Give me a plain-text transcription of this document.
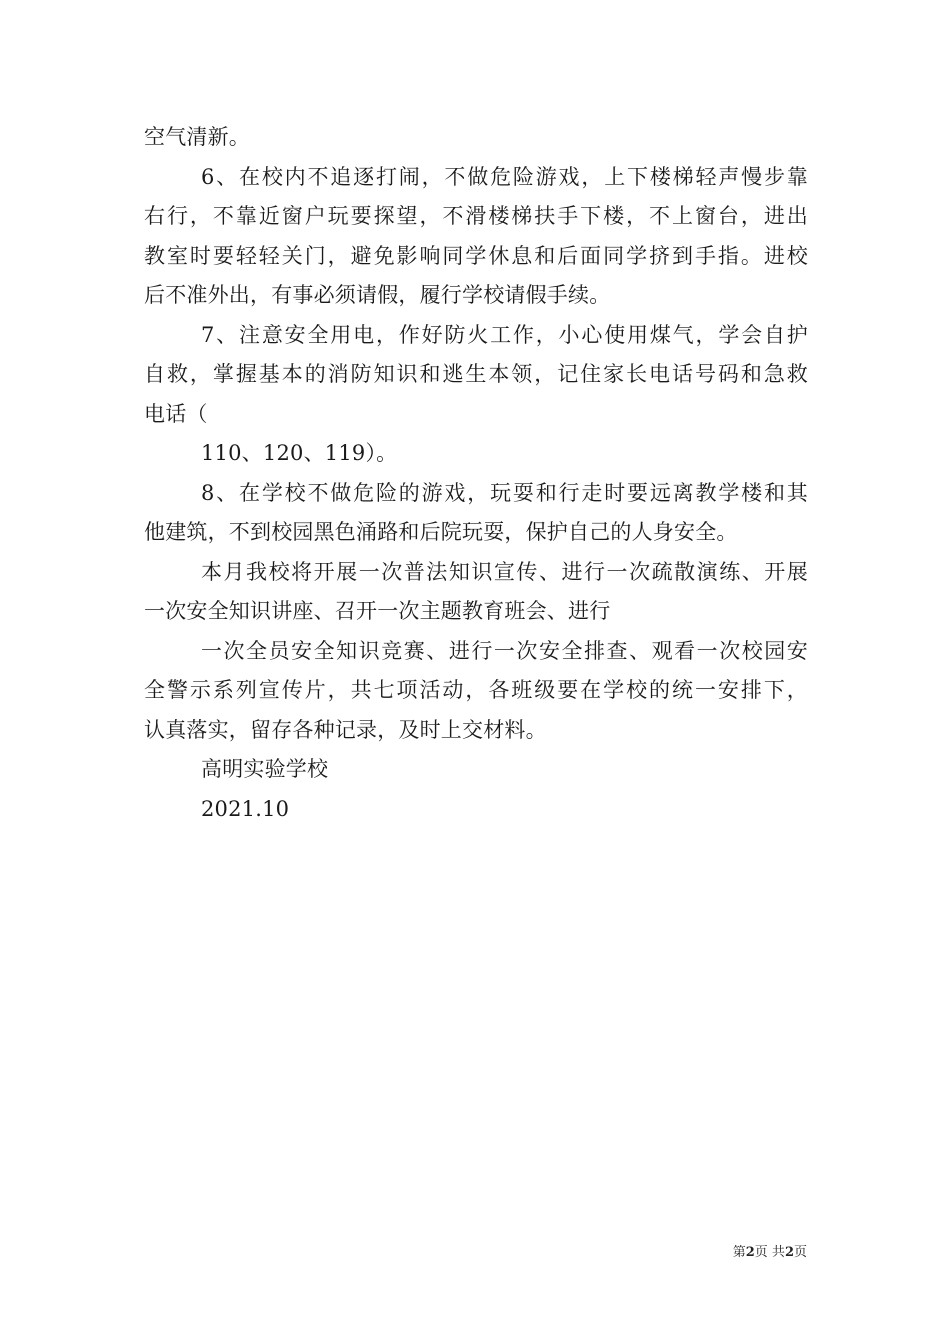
空气清新。
6、在校内不追逐打闹，不做危险游戏，上下楼梯轻声慢步靠
右行，不靠近窗户玩要探望，不滑楼梯扶手下楼，不上窗台，进出
教室时要轻轻关门，避免影响同学休息和后面同学挤到手指。进校
后不准外出，有事必须请假，履行学校请假手续。
7、注意安全用电，作好防火工作，小心使用煤气，学会自护
自救，掌握基本的消防知识和逃生本领，记住家长电话号码和急救
电话（
110、120、119）。
8、在学校不做危险的游戏，玩耍和行走时要远离教学楼和其
他建筑，不到校园黑色涌路和后院玩耍，保护自己的人身安全。
本月我校将开展一次普法知识宣传、进行一次疏散演练、开展
一次安全知识讲座、召开一次主题教育班会、进行
一次全员安全知识竞赛、进行一次安全排查、观看一次校园安
全警示系列宣传片，共七项活动，各班级要在学校的统一安排下，
认真落实，留存各种记录，及时上交材料。
高明实验学校
2021.10
第2页 共2页
